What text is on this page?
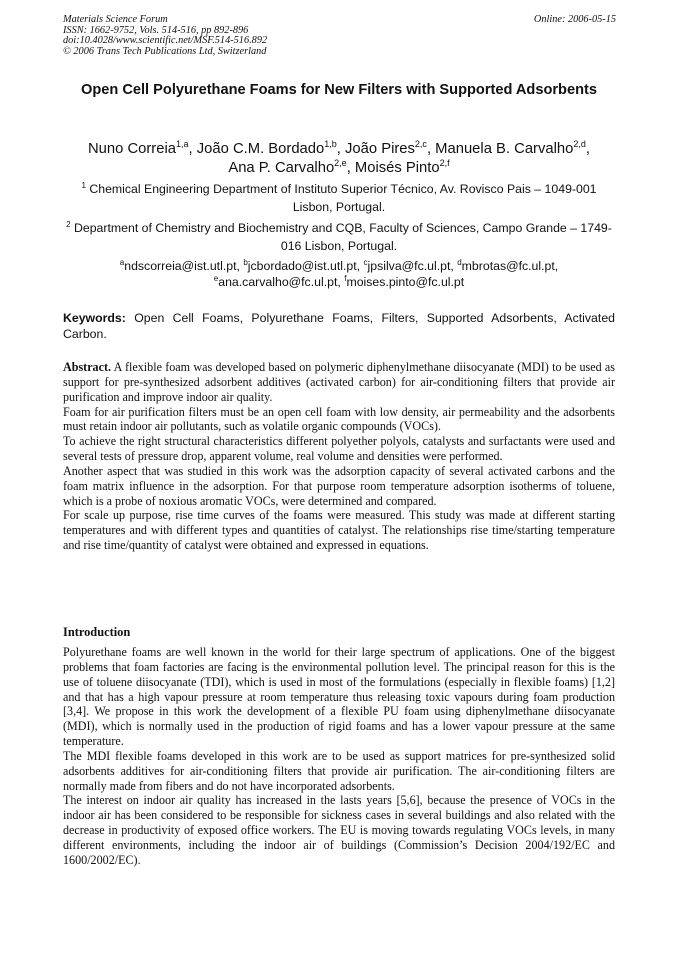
Materials Science Forum
ISSN: 1662-9752, Vols. 514-516, pp 892-896
doi:10.4028/www.scientific.net/MSF.514-516.892
© 2006 Trans Tech Publications Ltd, Switzerland
Online: 2006-05-15
Open Cell Polyurethane Foams for New Filters with Supported Adsorbents
Nuno Correia$^{1,a}$, João C.M. Bordado$^{1,b}$, João Pires$^{2,c}$, Manuela B. Carvalho$^{2,d}$,
Ana P. Carvalho$^{2,e}$, Moisés Pinto$^{2,f}$
$^1$ Chemical Engineering Department of Instituto Superior Técnico, Av. Rovisco Pais – 1049-001 Lisbon, Portugal.
$^2$ Department of Chemistry and Biochemistry and CQB, Faculty of Sciences, Campo Grande – 1749-016 Lisbon, Portugal.
$^a$ndscorreia@ist.utl.pt, $^b$jcbordado@ist.utl.pt, $^c$jpsilva@fc.ul.pt, $^d$mbrotas@fc.ul.pt,
$^e$ana.carvalho@fc.ul.pt, $^f$moises.pinto@fc.ul.pt
Keywords: Open Cell Foams, Polyurethane Foams, Filters, Supported Adsorbents, Activated Carbon.

Abstract. A flexible foam was developed based on polymeric diphenylmethane diisocyanate (MDI) to be used as support for pre-synthesized adsorbent additives (activated carbon) for air-conditioning filters that provide air purification and improve indoor air quality.

Foam for air purification filters must be an open cell foam with low density, air permeability and the adsorbents must retain indoor air pollutants, such as volatile organic compounds (VOCs).

To achieve the right structural characteristics different polyether polyols, catalysts and surfactants were used and several tests of pressure drop, apparent volume, real volume and densities were performed.

Another aspect that was studied in this work was the adsorption capacity of several activated carbons and the foam matrix influence in the adsorption. For that purpose room temperature adsorption isotherms of toluene, which is a probe of noxious aromatic VOCs, were determined and compared.

For scale up purpose, rise time curves of the foams were measured. This study was made at different starting temperatures and with different types and quantities of catalyst. The relationships rise time/starting temperature and rise time/quantity of catalyst were obtained and expressed in equations.

Introduction

Polyurethane foams are well known in the world for their large spectrum of applications. One of the biggest problems that foam factories are facing is the environmental pollution level. The principal reason for this is the use of toluene diisocyanate (TDI), which is used in most of the formulations (especially in flexible foams) [1,2] and that has a high vapour pressure at room temperature thus releasing toxic vapours during foam production [3,4]. We propose in this work the development of a flexible PU foam using diphenylmethane diisocyanate (MDI), which is normally used in the production of rigid foams and has a lower vapour pressure at the same temperature.

The MDI flexible foams developed in this work are to be used as support matrices for pre-synthesized solid adsorbents additives for air-conditioning filters that provide air purification. The air-conditioning filters are normally made from fibers and do not have incorporated adsorbents.

The interest on indoor air quality has increased in the lasts years [5,6], because the presence of VOCs in the indoor air has been considered to be responsible for sickness cases in several buildings and also related with the decrease in productivity of exposed office workers. The EU is moving towards regulating VOCs levels, in many different environments, including the indoor air of buildings (Commission’s Decision 2004/192/EC and 1600/2002/EC).
